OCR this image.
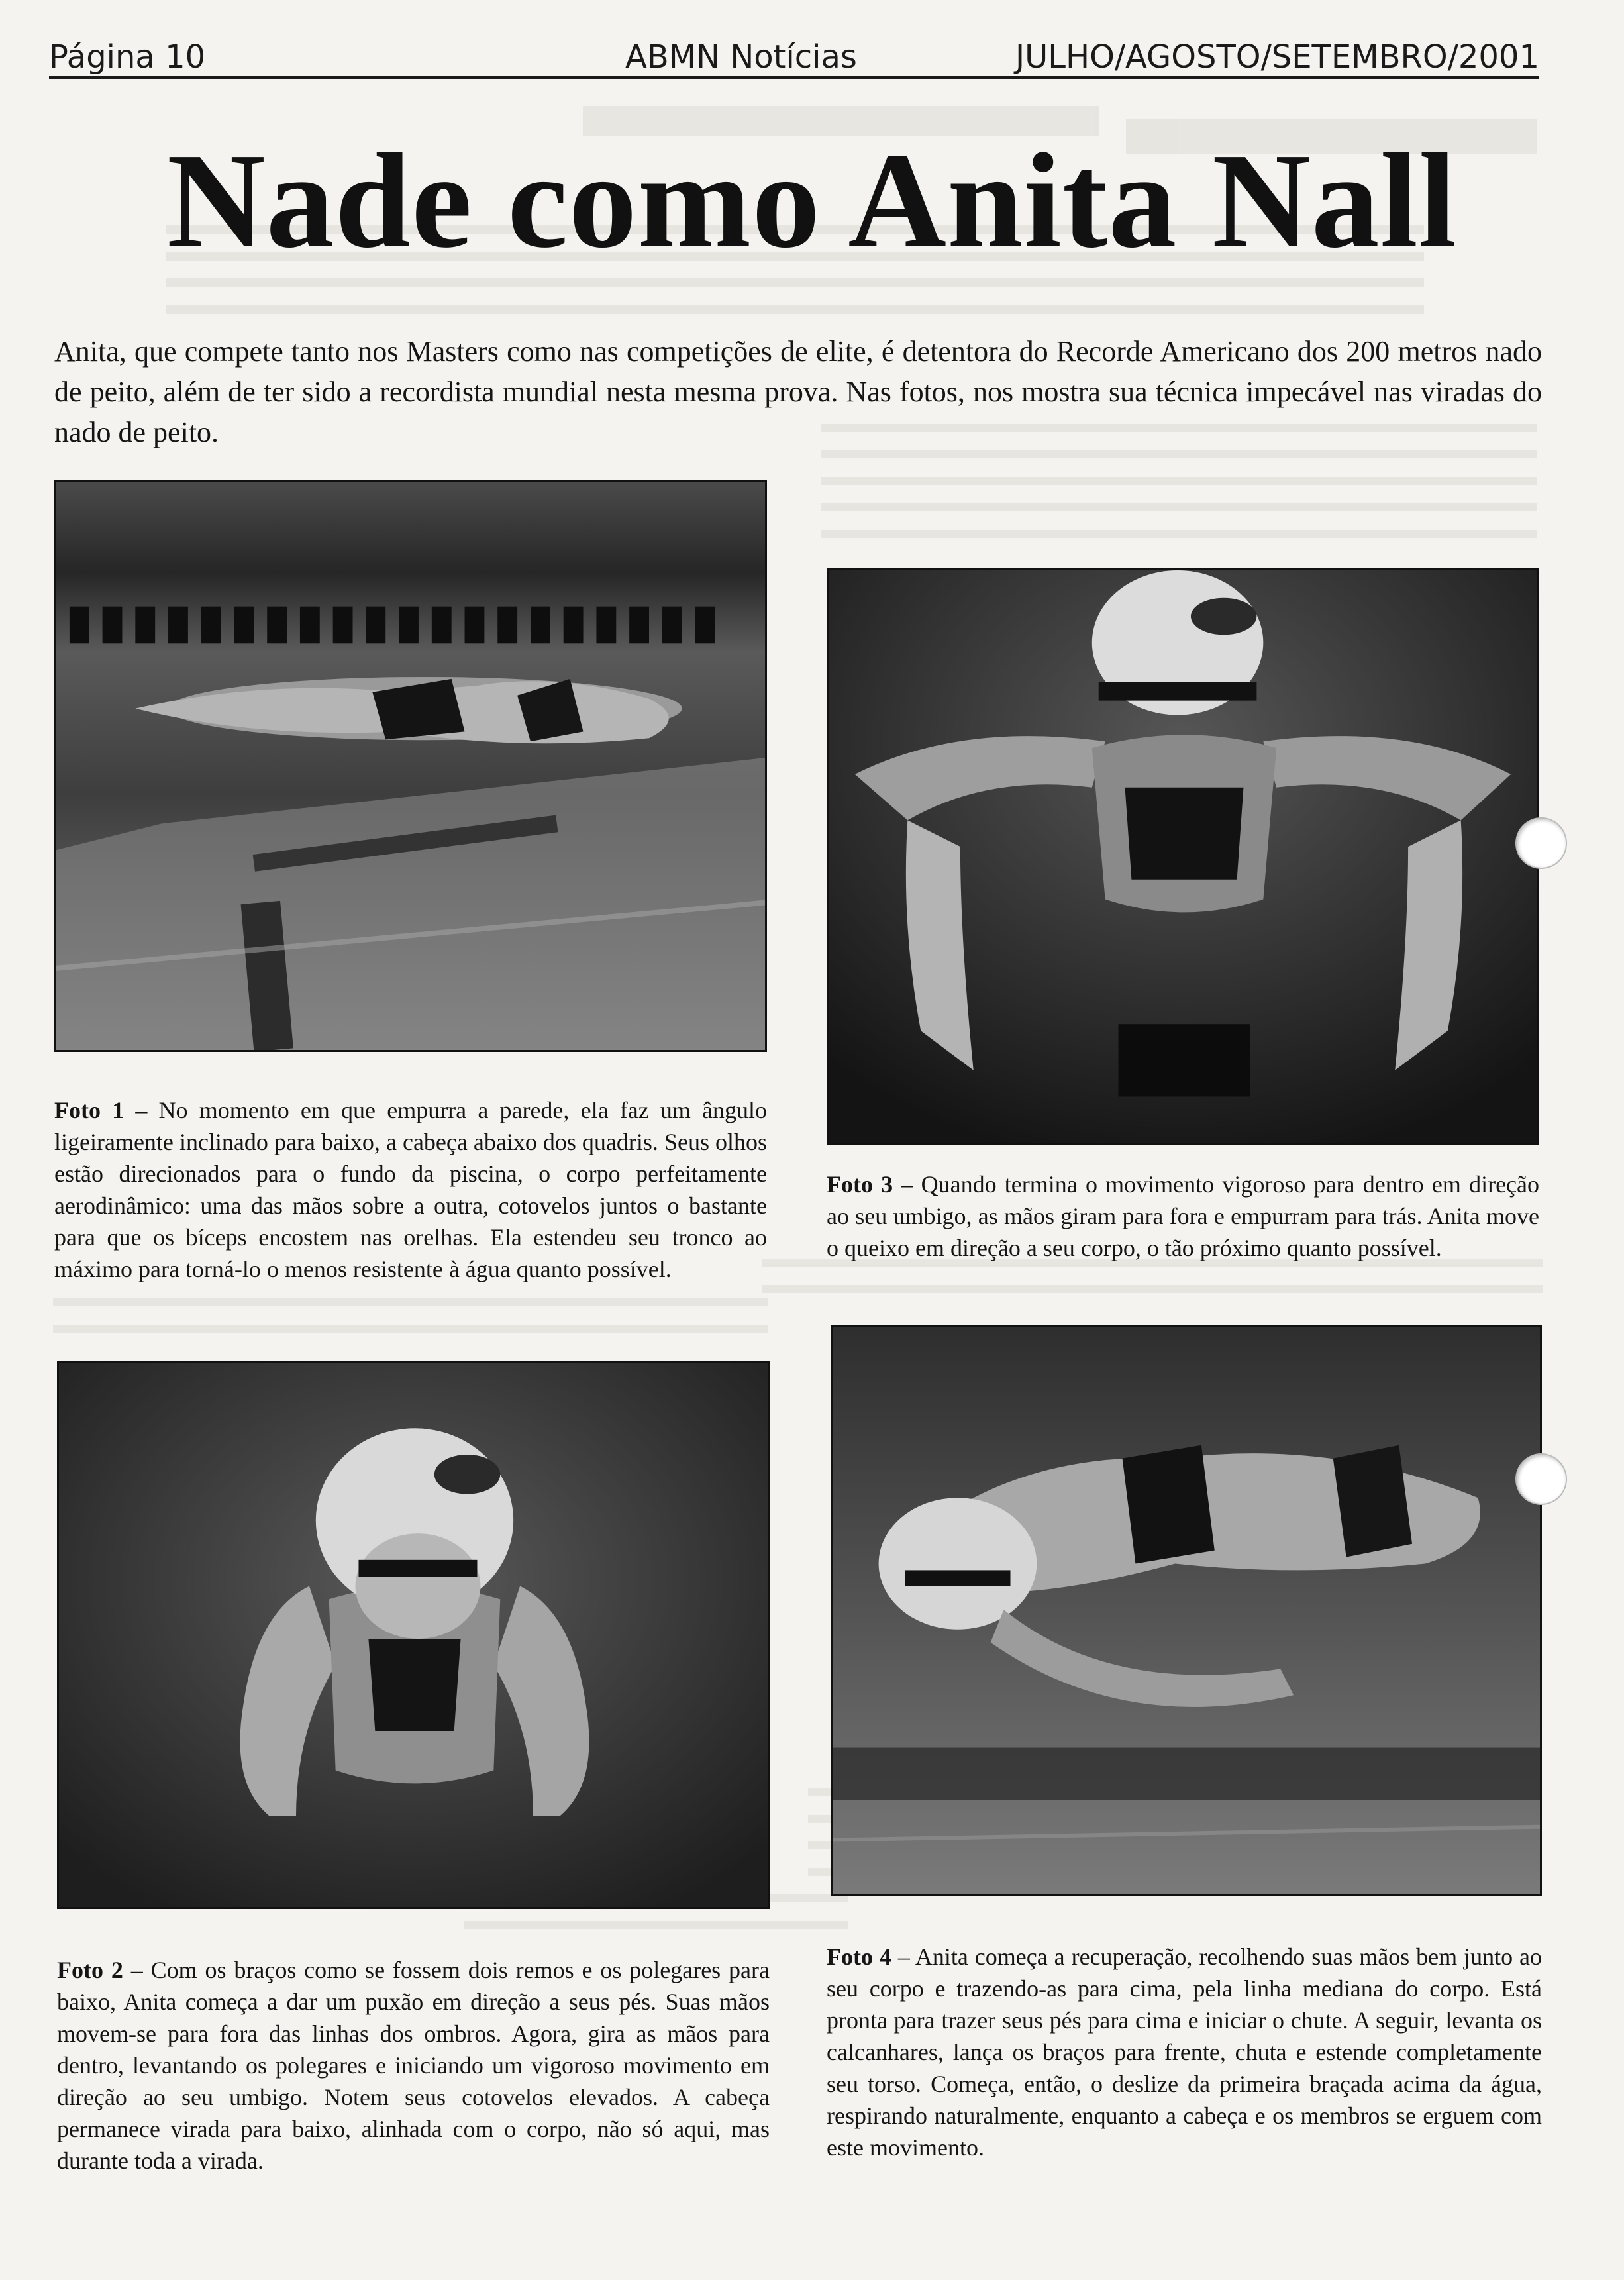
Página 10	ABMN Notícias	JULHO/AGOSTO/SETEMBRO/2001
Nade como Anita Nall
Anita, que compete tanto nos Masters como nas competições de elite, é detentora do Recorde Americano dos 200 metros nado de peito, além de ter sido a recordista mundial nesta mesma prova. Nas fotos, nos mostra sua técnica impecável nas viradas do nado de peito.
Foto 1 – No momento em que empurra a parede, ela faz um ângulo ligeiramente inclinado para baixo, a cabeça abaixo dos quadris. Seus olhos estão direcionados para o fundo da piscina, o corpo perfeitamente aerodinâmico: uma das mãos sobre a outra, cotovelos juntos o bastante para que os bíceps encostem nas orelhas. Ela estendeu seu tronco ao máximo para torná-lo o menos resistente à água quanto possível.
Foto 2 – Com os braços como se fossem dois remos e os polegares para baixo, Anita começa a dar um puxão em direção a seus pés. Suas mãos movem-se para fora das linhas dos ombros. Agora, gira as mãos para dentro, levantando os polegares e iniciando um vigoroso movimento em direção ao seu umbigo. Notem seus cotovelos elevados. A cabeça permanece virada para baixo, alinhada com o corpo, não só aqui, mas durante toda a virada.
Foto 3 – Quando termina o movimento vigoroso para dentro em direção ao seu umbigo, as mãos giram para fora e empurram para trás. Anita move o queixo em direção a seu corpo, o tão próximo quanto possível.
Foto 4 – Anita começa a recuperação, recolhendo suas mãos bem junto ao seu corpo e trazendo-as para cima, pela linha mediana do corpo. Está pronta para trazer seus pés para cima e iniciar o chute. A seguir, levanta os calcanhares, lança os braços para frente, chuta e estende completamente seu torso. Começa, então, o deslize da primeira braçada acima da água, respirando naturalmente, enquanto a cabeça e os membros se erguem com este movimento.
